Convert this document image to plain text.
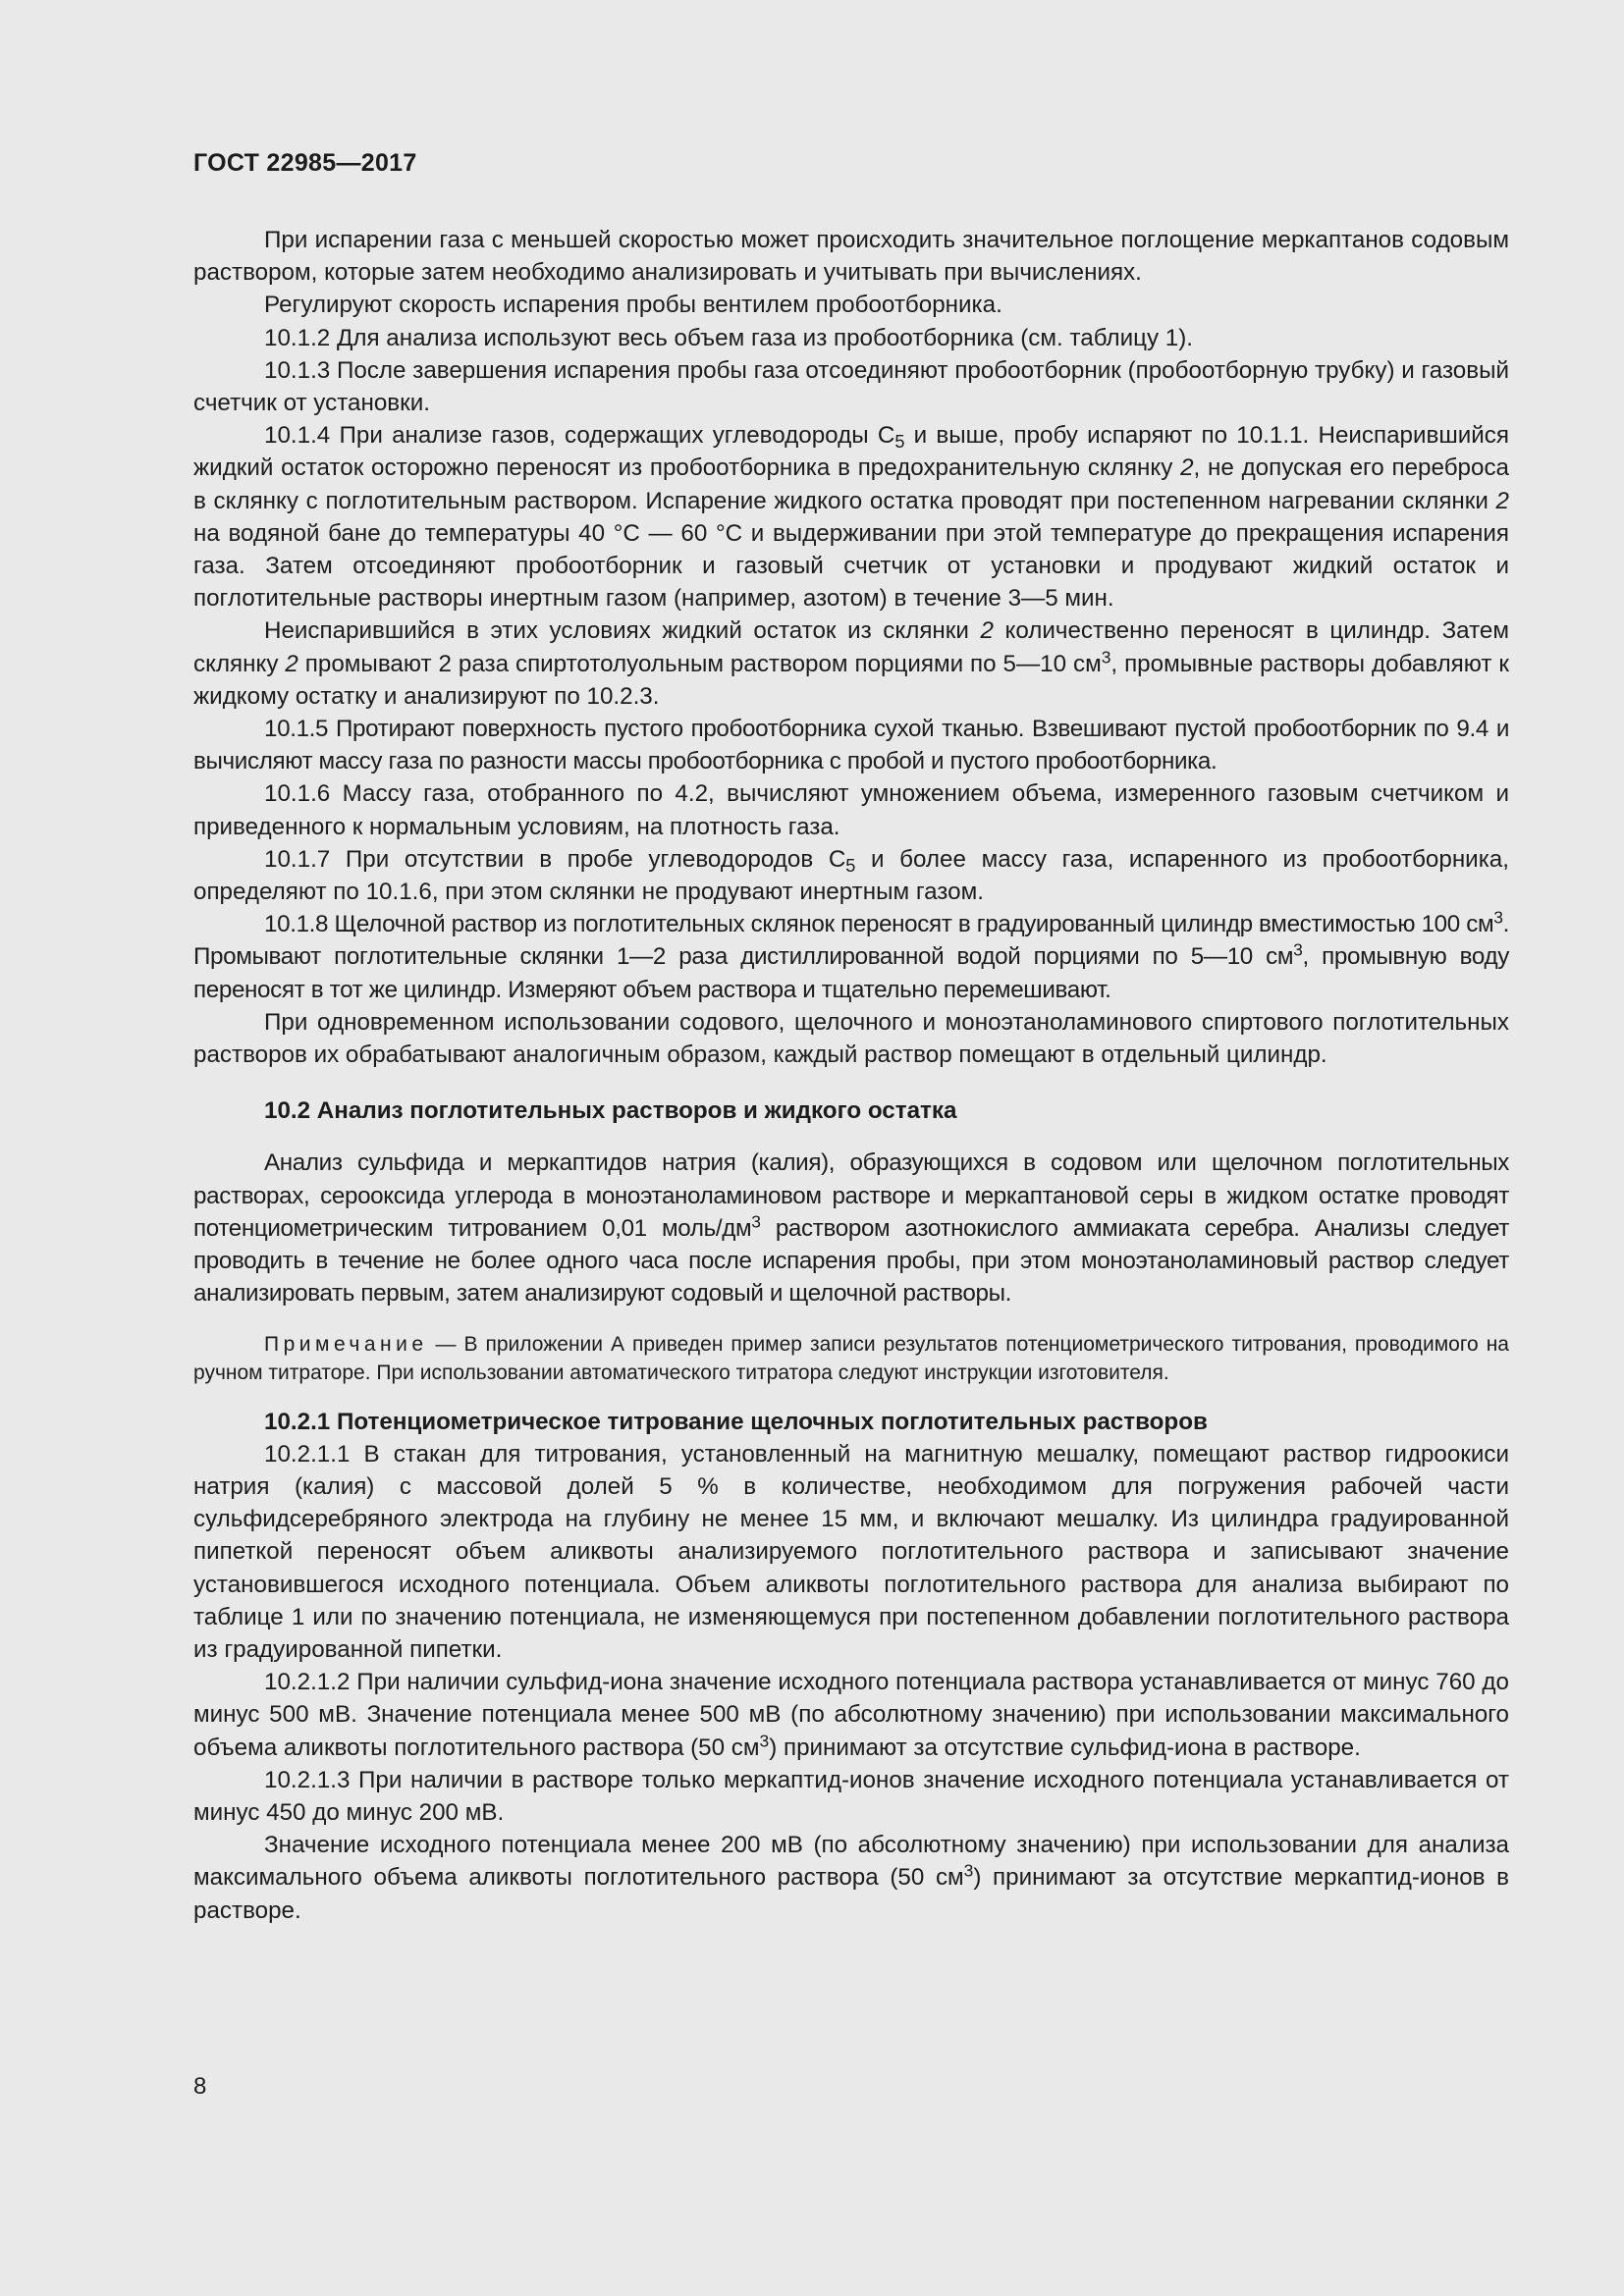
ГОСТ 22985—2017

При испарении газа с меньшей скоростью может происходить значительное поглощение меркаптанов содовым раствором, которые затем необходимо анализировать и учитывать при вычислениях.

Регулируют скорость испарения пробы вентилем пробоотборника.

10.1.2 Для анализа используют весь объем газа из пробоотборника (см. таблицу 1).

10.1.3 После завершения испарения пробы газа отсоединяют пробоотборник (пробоотборную трубку) и газовый счетчик от установки.

10.1.4 При анализе газов, содержащих углеводороды $С_5$ и выше, пробу испаряют по 10.1.1. Неиспарившийся жидкий остаток осторожно переносят из пробоотборника в предохранительную склянку 2, не допуская его переброса в склянку с поглотительным раствором. Испарение жидкого остатка проводят при постепенном нагревании склянки 2 на водяной бане до температуры 40 °С — 60 °С и выдерживании при этой температуре до прекращения испарения газа. Затем отсоединяют пробоотборник и газовый счетчик от установки и продувают жидкий остаток и поглотительные растворы инертным газом (например, азотом) в течение 3—5 мин.

Неиспарившийся в этих условиях жидкий остаток из склянки 2 количественно переносят в цилиндр. Затем склянку 2 промывают 2 раза спиртотолуольным раствором порциями по 5—10 $см^3$, промывные растворы добавляют к жидкому остатку и анализируют по 10.2.3.

10.1.5 Протирают поверхность пустого пробоотборника сухой тканью. Взвешивают пустой пробоотборник по 9.4 и вычисляют массу газа по разности массы пробоотборника с пробой и пустого пробоотборника.

10.1.6 Массу газа, отобранного по 4.2, вычисляют умножением объема, измеренного газовым счетчиком и приведенного к нормальным условиям, на плотность газа.

10.1.7 При отсутствии в пробе углеводородов $С_5$ и более массу газа, испаренного из пробоотборника, определяют по 10.1.6, при этом склянки не продувают инертным газом.

10.1.8 Щелочной раствор из поглотительных склянок переносят в градуированный цилиндр вместимостью 100 $см^3$. Промывают поглотительные склянки 1—2 раза дистиллированной водой порциями по 5—10 $см^3$, промывную воду переносят в тот же цилиндр. Измеряют объем раствора и тщательно перемешивают.

При одновременном использовании содового, щелочного и моноэтаноламинового спиртового поглотительных растворов их обрабатывают аналогичным образом, каждый раствор помещают в отдельный цилиндр.

10.2 Анализ поглотительных растворов и жидкого остатка

Анализ сульфида и меркаптидов натрия (калия), образующихся в содовом или щелочном поглотительных растворах, серооксида углерода в моноэтаноламиновом растворе и меркаптановой серы в жидком остатке проводят потенциометрическим титрованием 0,01 моль/$дм^3$ раствором азотнокислого аммиаката серебра. Анализы следует проводить в течение не более одного часа после испарения пробы, при этом моноэтаноламиновый раствор следует анализировать первым, затем анализируют содовый и щелочной растворы.

Примечание — В приложении А приведен пример записи результатов потенциометрического титрования, проводимого на ручном титраторе. При использовании автоматического титратора следуют инструкции изготовителя.

10.2.1 Потенциометрическое титрование щелочных поглотительных растворов

10.2.1.1 В стакан для титрования, установленный на магнитную мешалку, помещают раствор гидроокиси натрия (калия) с массовой долей 5 % в количестве, необходимом для погружения рабочей части сульфидсеребряного электрода на глубину не менее 15 мм, и включают мешалку. Из цилиндра градуированной пипеткой переносят объем аликвоты анализируемого поглотительного раствора и записывают значение установившегося исходного потенциала. Объем аликвоты поглотительного раствора для анализа выбирают по таблице 1 или по значению потенциала, не изменяющемуся при постепенном добавлении поглотительного раствора из градуированной пипетки.

10.2.1.2 При наличии сульфид-иона значение исходного потенциала раствора устанавливается от минус 760 до минус 500 мВ. Значение потенциала менее 500 мВ (по абсолютному значению) при использовании максимального объема аликвоты поглотительного раствора (50 $см^3$) принимают за отсутствие сульфид-иона в растворе.

10.2.1.3 При наличии в растворе только меркаптид-ионов значение исходного потенциала устанавливается от минус 450 до минус 200 мВ.

Значение исходного потенциала менее 200 мВ (по абсолютному значению) при использовании для анализа максимального объема аликвоты поглотительного раствора (50 $см^3$) принимают за отсутствие меркаптид-ионов в растворе.

8
